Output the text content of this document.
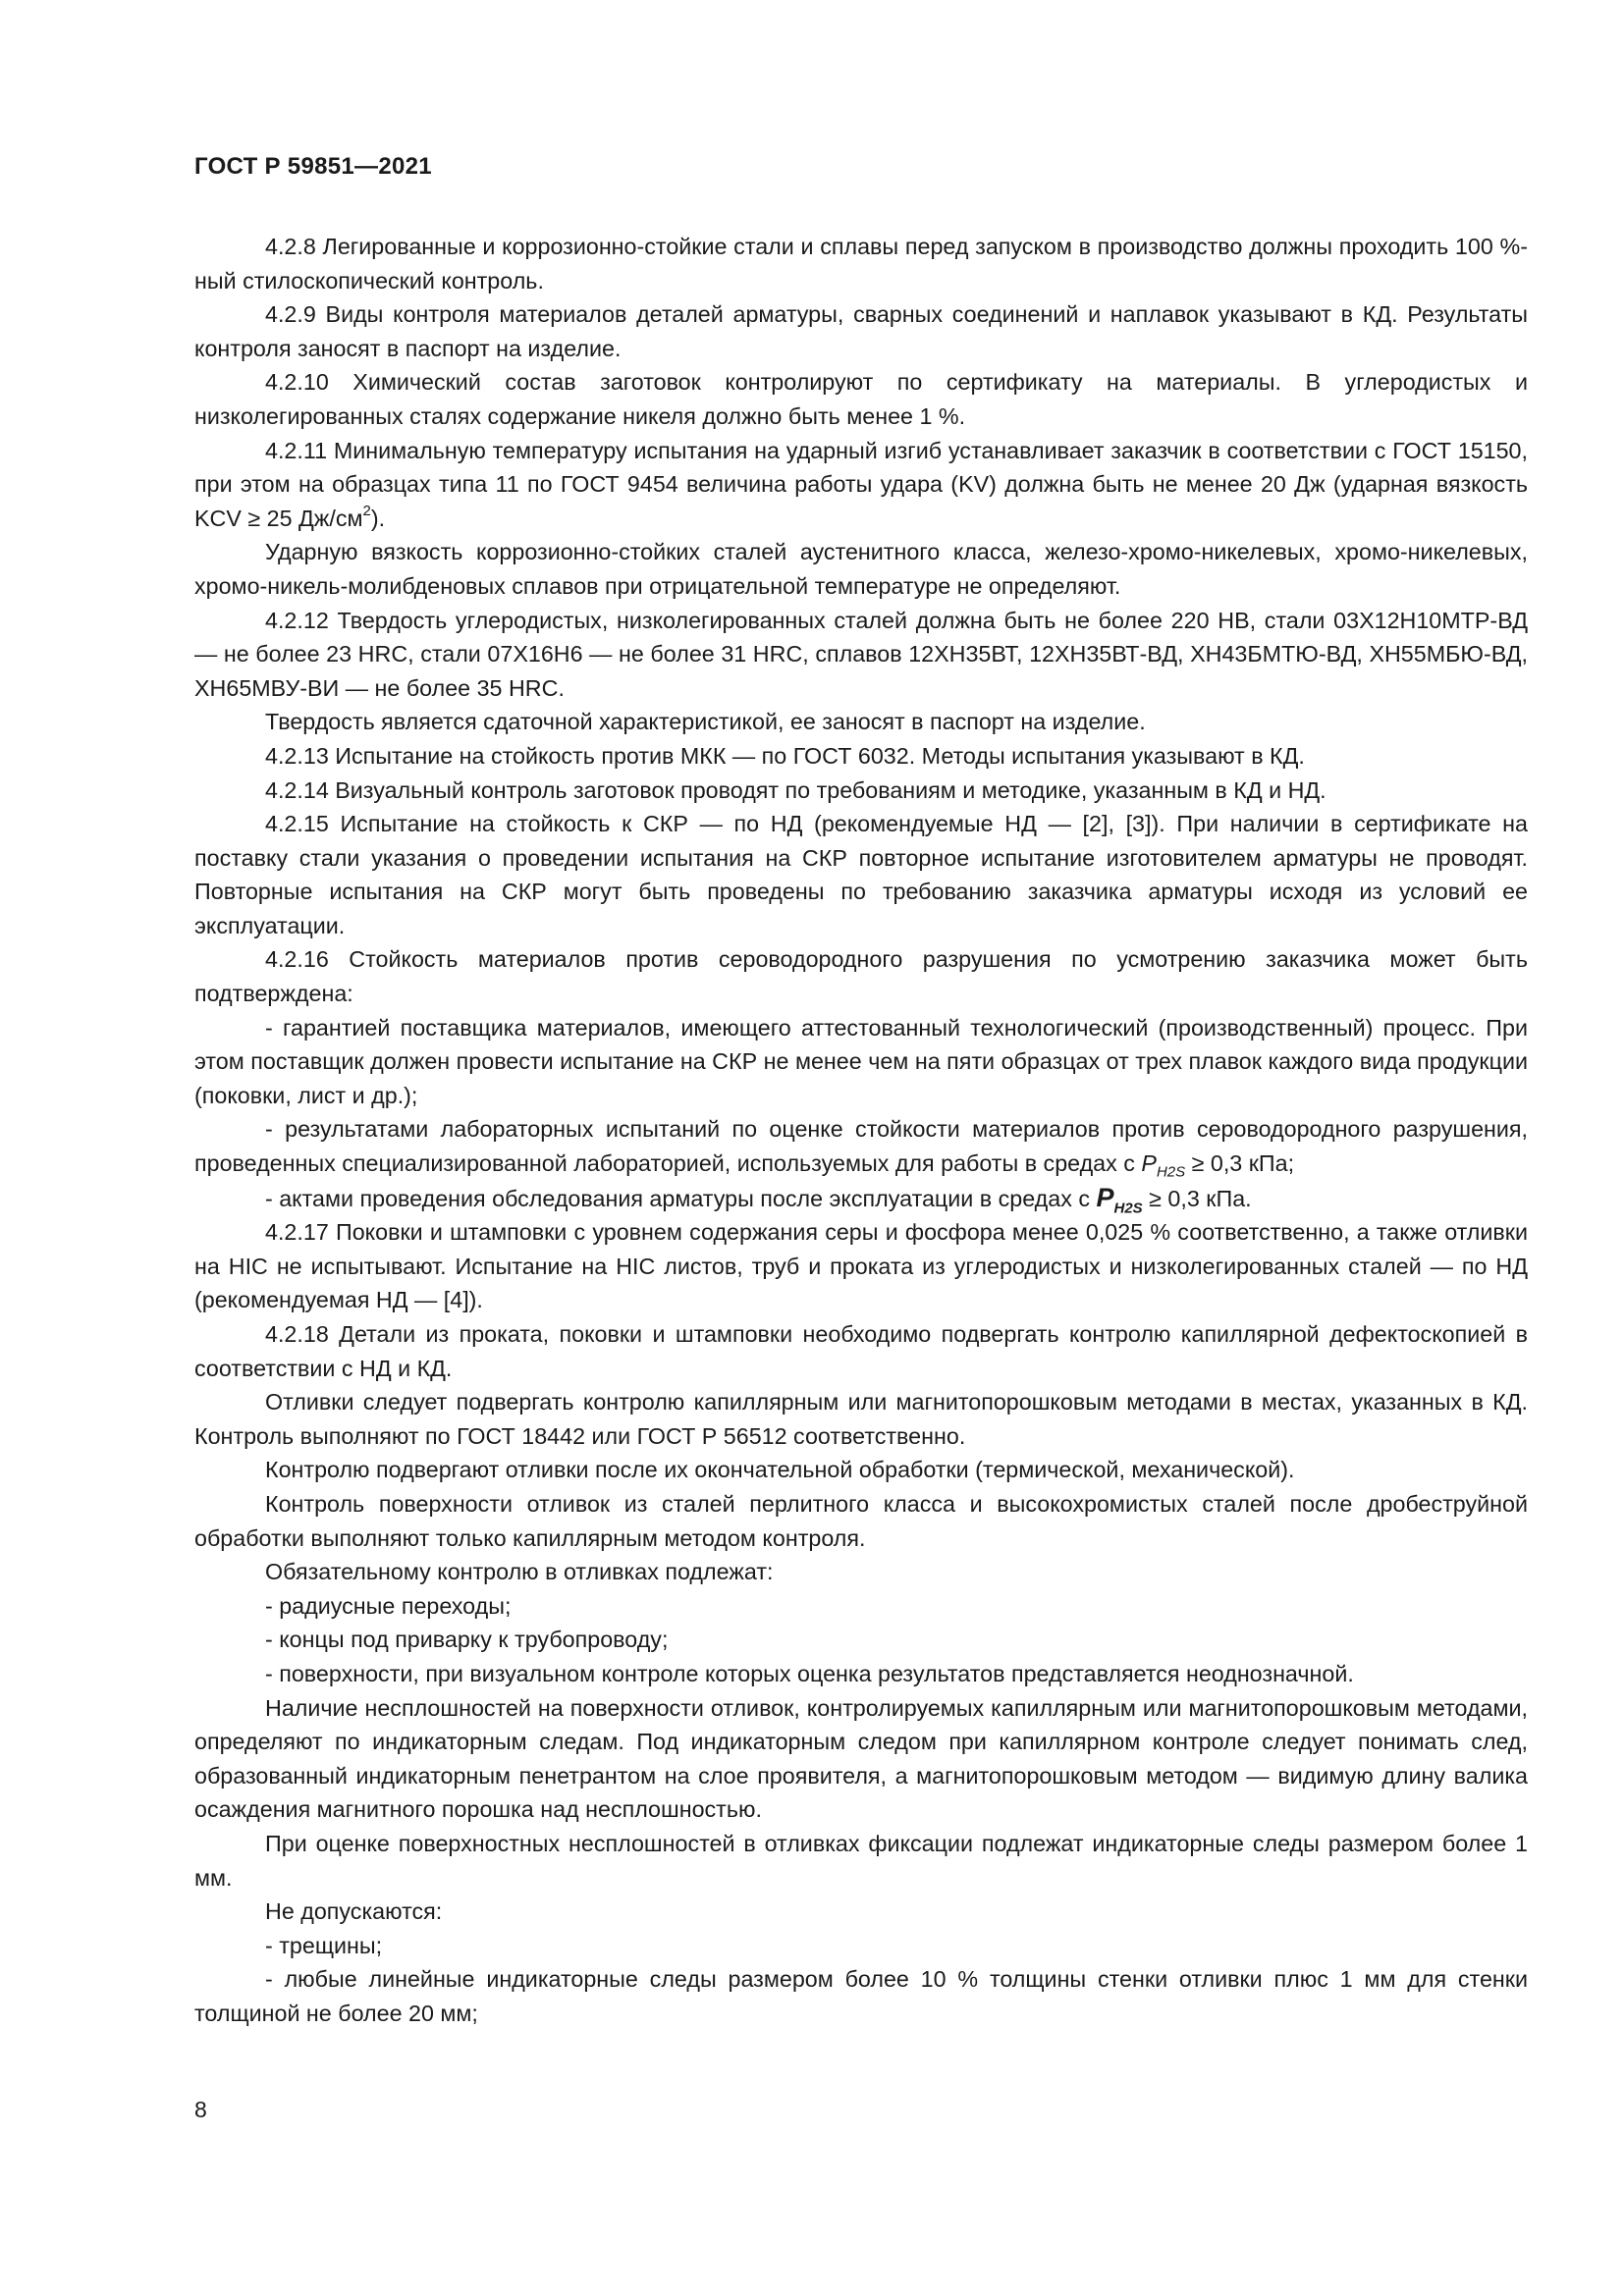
ГОСТ Р 59851—2021

4.2.8 Легированные и коррозионно-стойкие стали и сплавы перед запуском в производство должны проходить 100 %-ный стилоскопический контроль.

4.2.9 Виды контроля материалов деталей арматуры, сварных соединений и наплавок указывают в КД. Результаты контроля заносят в паспорт на изделие.

4.2.10 Химический состав заготовок контролируют по сертификату на материалы. В углеродистых и низколегированных сталях содержание никеля должно быть менее 1 %.

4.2.11 Минимальную температуру испытания на ударный изгиб устанавливает заказчик в соответствии с ГОСТ 15150, при этом на образцах типа 11 по ГОСТ 9454 величина работы удара (KV) должна быть не менее 20 Дж (ударная вязкость KCV ≥ 25 $Дж/см^2$).

Ударную вязкость коррозионно-стойких сталей аустенитного класса, железо-хромо-никелевых, хромо-никелевых, хромо-никель-молибденовых сплавов при отрицательной температуре не определяют.

4.2.12 Твердость углеродистых, низколегированных сталей должна быть не более 220 НВ, стали 03Х12Н10МТР-ВД — не более 23 HRC, стали 07Х16Н6 — не более 31 HRC, сплавов 12ХН35ВТ, 12ХН35ВТ-ВД, ХН43БМТЮ-ВД, ХН55МБЮ-ВД, ХН65МВУ-ВИ — не более 35 HRC.

Твердость является сдаточной характеристикой, ее заносят в паспорт на изделие.

4.2.13 Испытание на стойкость против МКК — по ГОСТ 6032. Методы испытания указывают в КД.

4.2.14 Визуальный контроль заготовок проводят по требованиям и методике, указанным в КД и НД.

4.2.15 Испытание на стойкость к СКР — по НД (рекомендуемые НД — [2], [3]). При наличии в сертификате на поставку стали указания о проведении испытания на СКР повторное испытание изготовителем арматуры не проводят. Повторные испытания на СКР могут быть проведены по требованию заказчика арматуры исходя из условий ее эксплуатации.

4.2.16 Стойкость материалов против сероводородного разрушения по усмотрению заказчика может быть подтверждена:

- гарантией поставщика материалов, имеющего аттестованный технологический (производственный) процесс. При этом поставщик должен провести испытание на СКР не менее чем на пяти образцах от трех плавок каждого вида продукции (поковки, лист и др.);

- результатами лабораторных испытаний по оценке стойкости материалов против сероводородного разрушения, проведенных специализированной лабораторией, используемых для работы в средах с $P_{H2S} \ge 0,3$ кПа;

- актами проведения обследования арматуры после эксплуатации в средах с $P_{H2S} \ge 0,3$ кПа.

4.2.17 Поковки и штамповки с уровнем содержания серы и фосфора менее 0,025 % соответственно, а также отливки на HIC не испытывают. Испытание на HIC листов, труб и проката из углеродистых и низколегированных сталей — по НД (рекомендуемая НД — [4]).

4.2.18 Детали из проката, поковки и штамповки необходимо подвергать контролю капиллярной дефектоскопией в соответствии с НД и КД.

Отливки следует подвергать контролю капиллярным или магнитопорошковым методами в местах, указанных в КД. Контроль выполняют по ГОСТ 18442 или ГОСТ Р 56512 соответственно.

Контролю подвергают отливки после их окончательной обработки (термической, механической).

Контроль поверхности отливок из сталей перлитного класса и высокохромистых сталей после дробеструйной обработки выполняют только капиллярным методом контроля.

Обязательному контролю в отливках подлежат:

- радиусные переходы;

- концы под приварку к трубопроводу;

- поверхности, при визуальном контроле которых оценка результатов представляется неоднозначной.

Наличие несплошностей на поверхности отливок, контролируемых капиллярным или магнитопорошковым методами, определяют по индикаторным следам. Под индикаторным следом при капиллярном контроле следует понимать след, образованный индикаторным пенетрантом на слое проявителя, а магнитопорошковым методом — видимую длину валика осаждения магнитного порошка над несплошностью.

При оценке поверхностных несплошностей в отливках фиксации подлежат индикаторные следы размером более 1 мм.

Не допускаются:

- трещины;

- любые линейные индикаторные следы размером более 10 % толщины стенки отливки плюс 1 мм для стенки толщиной не более 20 мм;

8
